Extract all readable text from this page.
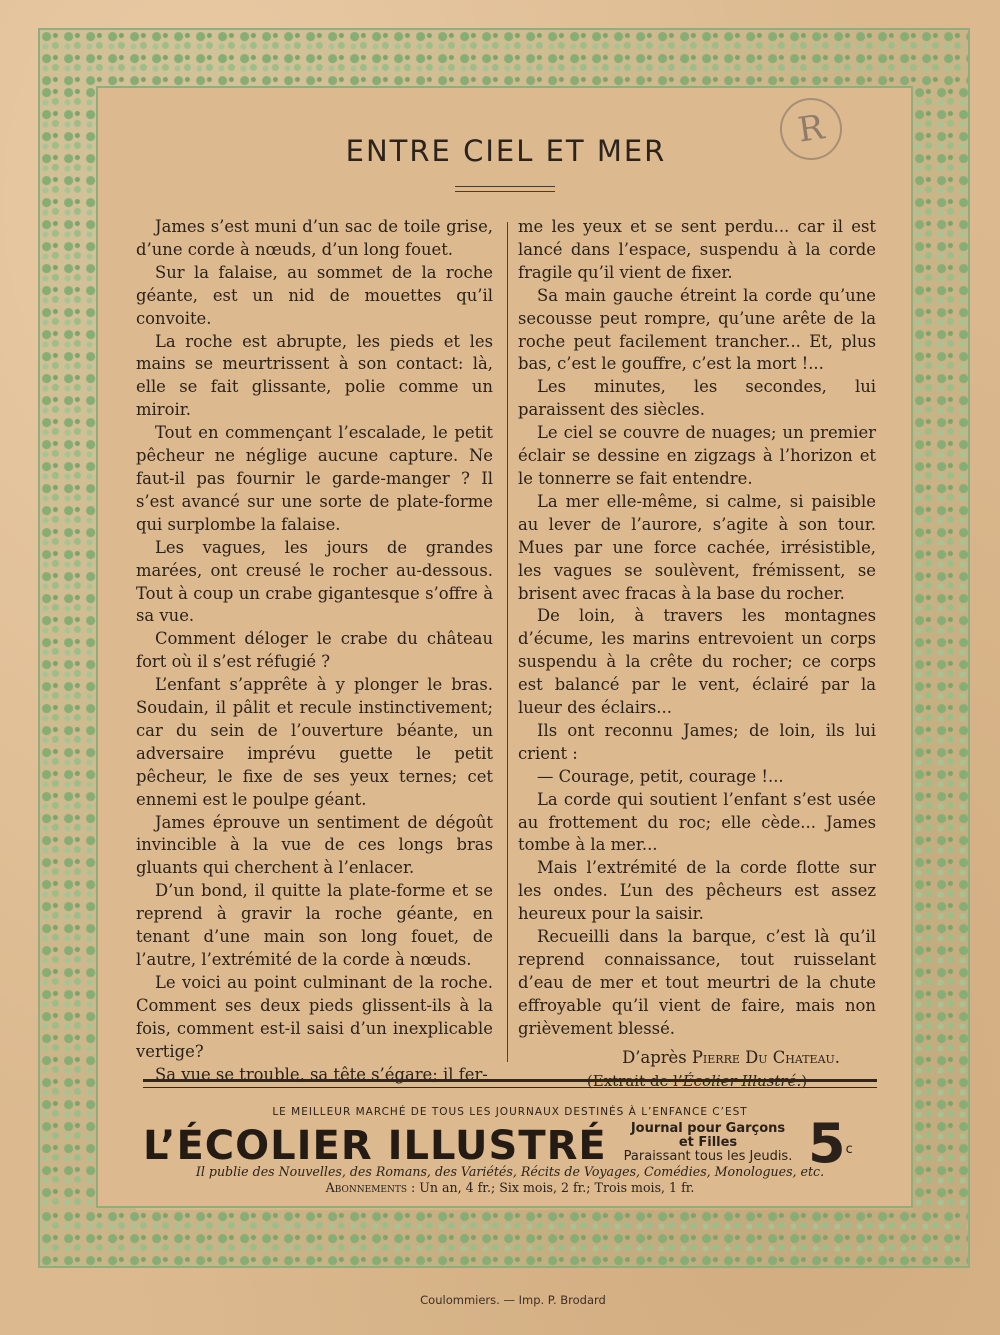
R
ENTRE CIEL ET MER

James s’est muni d’un sac de toile grise, d’une corde à nœuds, d’un long fouet.

Sur la falaise, au sommet de la roche géante, est un nid de mouettes qu’il convoite.

La roche est abrupte, les pieds et les mains se meurtrissent à son contact: là, elle se fait glissante, polie comme un miroir.

Tout en commençant l’escalade, le petit pêcheur ne néglige aucune capture. Ne faut-il pas fournir le garde-manger ? Il s’est avancé sur une sorte de plate-forme qui surplombe la falaise.

Les vagues, les jours de grandes marées, ont creusé le rocher au-dessous. Tout à coup un crabe gigantesque s’offre à sa vue.

Comment déloger le crabe du château fort où il s’est réfugié ?

L’enfant s’apprête à y plonger le bras. Soudain, il pâlit et recule instinctivement; car du sein de l’ouverture béante, un adversaire imprévu guette le petit pêcheur, le fixe de ses yeux ternes; cet ennemi est le poulpe géant.

James éprouve un sentiment de dégoût invincible à la vue de ces longs bras gluants qui cherchent à l’enlacer.

D’un bond, il quitte la plate-forme et se reprend à gravir la roche géante, en tenant d’une main son long fouet, de l’autre, l’extrémité de la corde à nœuds.

Le voici au point culminant de la roche. Comment ses deux pieds glissent-ils à la fois, comment est-il saisi d’un inexplicable vertige?

Sa vue se trouble, sa tête s’égare; il fer-

me les yeux et se sent perdu... car il est lancé dans l’espace, suspendu à la corde fragile qu’il vient de fixer.

Sa main gauche étreint la corde qu’une secousse peut rompre, qu’une arête de la roche peut facilement trancher... Et, plus bas, c’est le gouffre, c’est la mort !...

Les minutes, les secondes, lui paraissent des siècles.

Le ciel se couvre de nuages; un premier éclair se dessine en zigzags à l’horizon et le tonnerre se fait entendre.

La mer elle-même, si calme, si paisible au lever de l’aurore, s’agite à son tour. Mues par une force cachée, irrésistible, les vagues se soulèvent, frémissent, se brisent avec fracas à la base du rocher.

De loin, à travers les montagnes d’écume, les marins entrevoient un corps suspendu à la crête du rocher; ce corps est balancé par le vent, éclairé par la lueur des éclairs...

Ils ont reconnu James; de loin, ils lui crient :

— Courage, petit, courage !...

La corde qui soutient l’enfant s’est usée au frottement du roc; elle cède... James tombe à la mer...

Mais l’extrémité de la corde flotte sur les ondes. L’un des pêcheurs est assez heureux pour la saisir.

Recueilli dans la barque, c’est là qu’il reprend connaissance, tout ruisselant d’eau de mer et tout meurtri de la chute effroyable qu’il vient de faire, mais non grièvement blessé.

D’après Pierre Du Chateau.

(Extrait de l’Écolier Illustré.)

LE MEILLEUR MARCHÉ DE TOUS LES JOURNAUX DESTINÉS À L’ENFANCE C’EST
L’ÉCOLIER ILLUSTRÉ	Journal pour Garçons
et Filles
Paraissant tous les Jeudis. 5$^c$
Il publie des Nouvelles, des Romans, des Variétés, Récits de Voyages, Comédies, Monologues, etc.
Abonnements : Un an, 4 fr.; Six mois, 2 fr.; Trois mois, 1 fr.
Coulommiers. — Imp. P. Brodard
